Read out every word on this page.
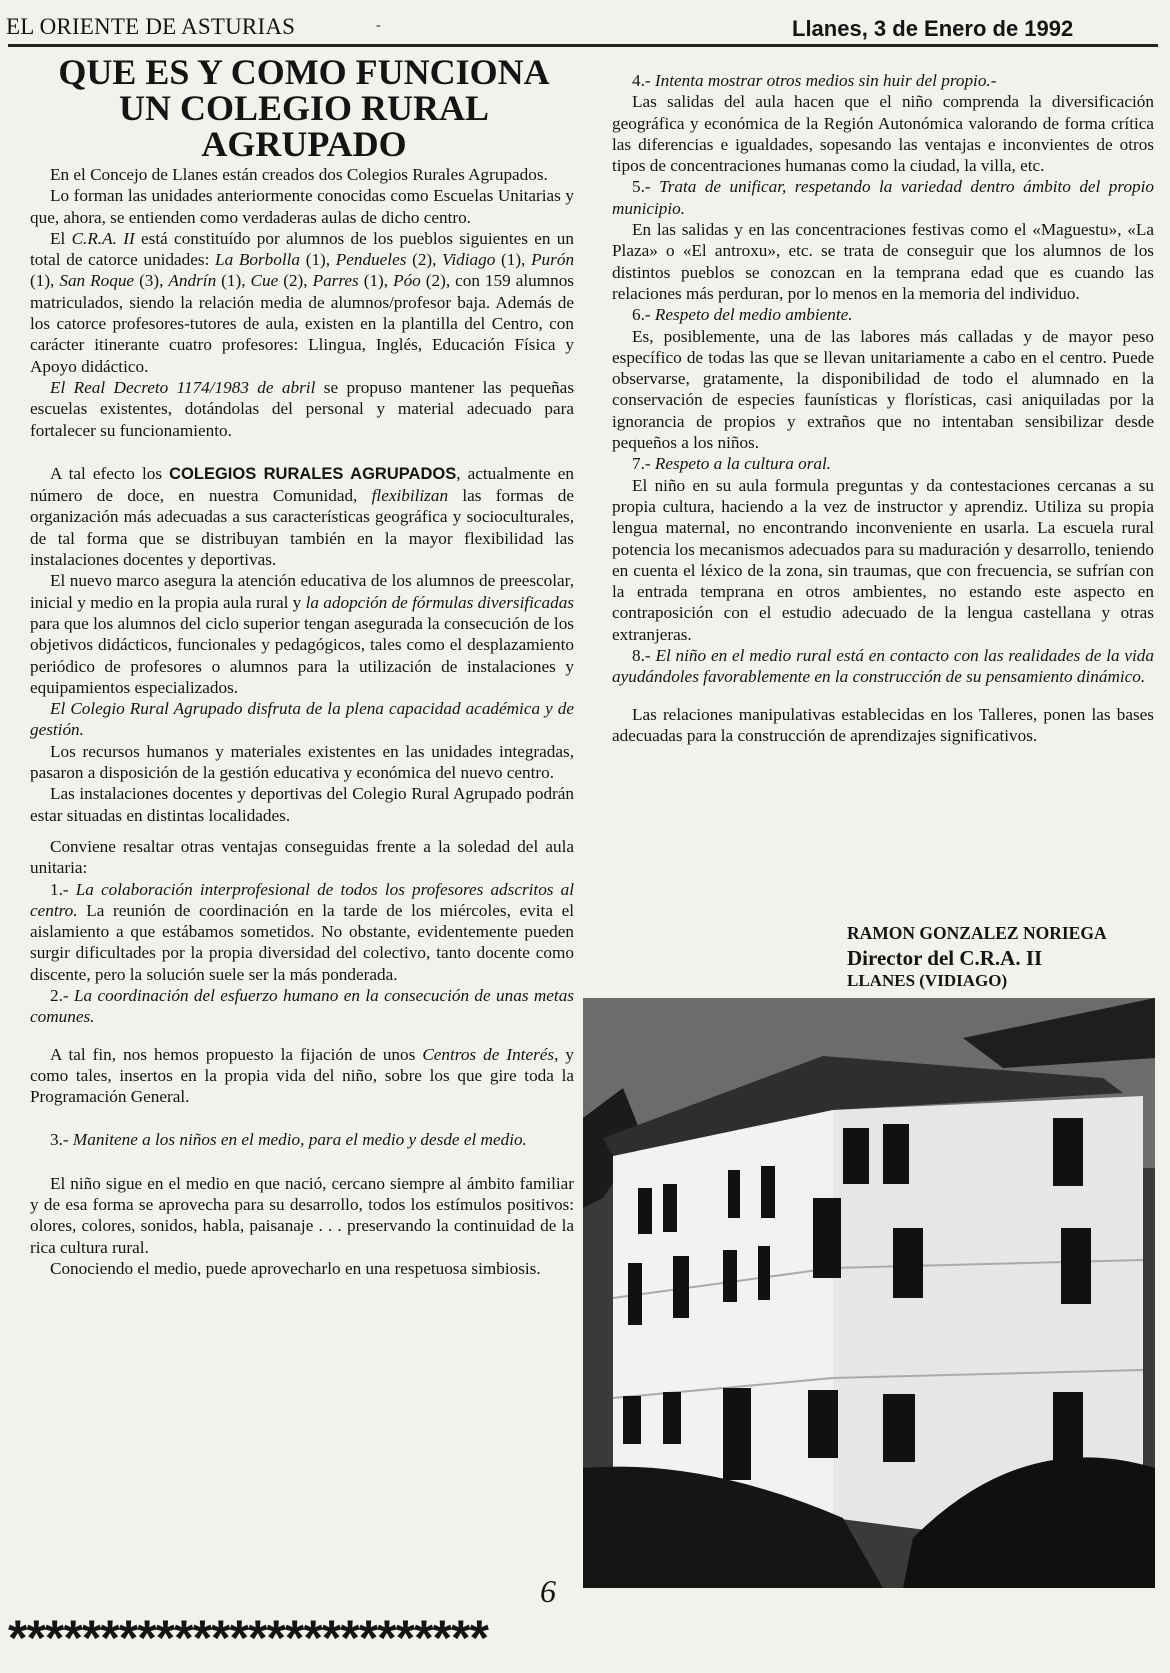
EL ORIENTE DE ASTURIAS	Llanes, 3 de Enero de 1992
-
QUE ES Y COMO FUNCIONA
UN COLEGIO RURAL
AGRUPADO

En el Concejo de Llanes están creados dos Colegios Rurales Agrupados.

Lo forman las unidades anteriormente conocidas como Escuelas Unitarias y que, ahora, se entienden como verdaderas aulas de dicho centro.

El C.R.A. II está constituído por alumnos de los pueblos siguientes en un total de catorce unidades: La Borbolla (1), Pendueles (2), Vidiago (1), Purón (1), San Roque (3), Andrín (1), Cue (2), Parres (1), Póo (2), con 159 alumnos matriculados, siendo la relación media de alumnos/profesor baja. Además de los catorce profesores-tutores de aula, existen en la plantilla del Centro, con carácter itinerante cuatro profesores: Llingua, Inglés, Educación Física y Apoyo didáctico.

El Real Decreto 1174/1983 de abril se propuso mantener las pequeñas escuelas existentes, dotándolas del personal y material adecuado para fortalecer su funcionamiento.

A tal efecto los COLEGIOS RURALES AGRUPADOS, actualmente en número de doce, en nuestra Comunidad, flexibilizan las formas de organización más adecuadas a sus características geográfica y socioculturales, de tal forma que se distribuyan también en la mayor flexibilidad las instalaciones docentes y deportivas.

El nuevo marco asegura la atención educativa de los alumnos de preescolar, inicial y medio en la propia aula rural y la adopción de fórmulas diversificadas para que los alumnos del ciclo superior tengan asegurada la consecución de los objetivos didácticos, funcionales y pedagógicos, tales como el desplazamiento periódico de profesores o alumnos para la utilización de instalaciones y equipamientos especializados.

El Colegio Rural Agrupado disfruta de la plena capacidad académica y de gestión.

Los recursos humanos y materiales existentes en las unidades integradas, pasaron a disposición de la gestión educativa y económica del nuevo centro.

Las instalaciones docentes y deportivas del Colegio Rural Agrupado podrán estar situadas en distintas localidades.

Conviene resaltar otras ventajas conseguidas frente a la soledad del aula unitaria:

1.- La colaboración interprofesional de todos los profesores adscritos al centro. La reunión de coordinación en la tarde de los miércoles, evita el aislamiento a que estábamos sometidos. No obstante, evidentemente pueden surgir dificultades por la propia diversidad del colectivo, tanto docente como discente, pero la solución suele ser la más ponderada.

2.- La coordinación del esfuerzo humano en la consecución de unas metas comunes.

A tal fin, nos hemos propuesto la fijación de unos Centros de Interés, y como tales, insertos en la propia vida del niño, sobre los que gire toda la Programación General.

3.- Manitene a los niños en el medio, para el medio y desde el medio.

El niño sigue en el medio en que nació, cercano siempre al ámbito familiar y de esa forma se aprovecha para su desarrollo, todos los estímulos positivos: olores, colores, sonidos, habla, paisanaje . . . preservando la continuidad de la rica cultura rural.

Conociendo el medio, puede aprovecharlo en una respetuosa simbiosis.

4.- Intenta mostrar otros medios sin huir del propio.-

Las salidas del aula hacen que el niño comprenda la diversificación geográfica y económica de la Región Autonómica valorando de forma crítica las diferencias e igualdades, sopesando las ventajas e inconvientes de otros tipos de concentraciones humanas como la ciudad, la villa, etc.

5.- Trata de unificar, respetando la variedad dentro ámbito del propio municipio.

En las salidas y en las concentraciones festivas como el «Maguestu», «La Plaza» o «El antroxu», etc. se trata de conseguir que los alumnos de los distintos pueblos se conozcan en la temprana edad que es cuando las relaciones más perduran, por lo menos en la memoria del individuo.

6.- Respeto del medio ambiente.

Es, posiblemente, una de las labores más calladas y de mayor peso específico de todas las que se llevan unitariamente a cabo en el centro. Puede observarse, gratamente, la disponibilidad de todo el alumnado en la conservación de especies faunísticas y florísticas, casi aniquiladas por la ignorancia de propios y extraños que no intentaban sensibilizar desde pequeños a los niños.

7.- Respeto a la cultura oral.

El niño en su aula formula preguntas y da contestaciones cercanas a su propia cultura, haciendo a la vez de instructor y aprendiz. Utiliza su propia lengua maternal, no encontrando inconveniente en usarla. La escuela rural potencia los mecanismos adecuados para su maduración y desarrollo, teniendo en cuenta el léxico de la zona, sin traumas, que con frecuencia, se sufrían con la entrada temprana en otros ambientes, no estando este aspecto en contraposición con el estudio adecuado de la lengua castellana y otras extranjeras.

8.- El niño en el medio rural está en contacto con las realidades de la vida ayudándoles favorablemente en la construcción de su pensamiento dinámico.

Las relaciones manipulativas establecidas en los Talleres, ponen las bases adecuadas para la construcción de aprendizajes significativos.

RAMON GONZALEZ NORIEGA
Director del C.R.A. II
LLANES (VIDIAGO)
6
**************************
